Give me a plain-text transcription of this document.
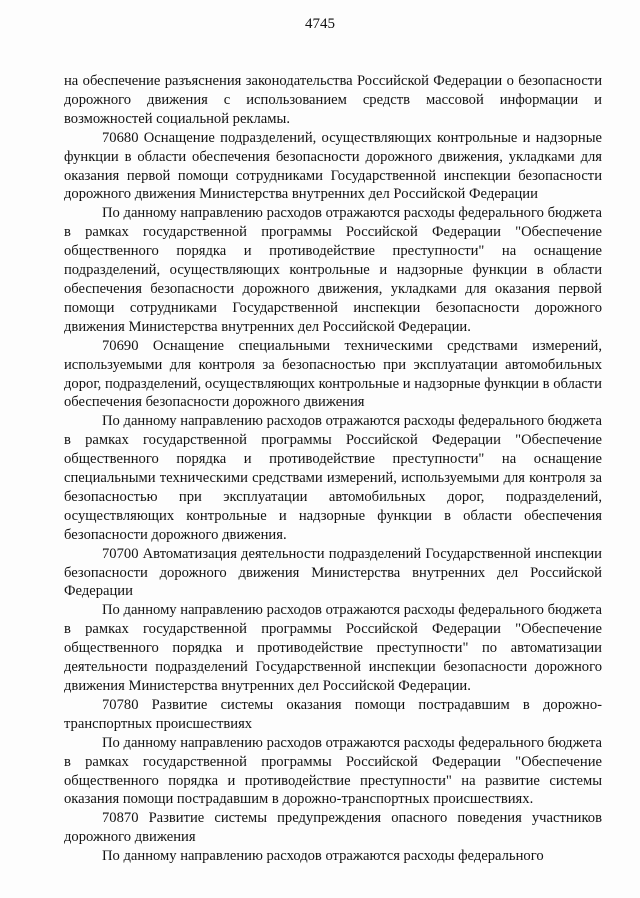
4745

на обеспечение разъяснения законодательства Российской Федерации о безопасности дорожного движения с использованием средств массовой информации и возможностей социальной рекламы.

70680 Оснащение подразделений, осуществляющих контрольные и надзорные функции в области обеспечения безопасности дорожного движения, укладками для оказания первой помощи сотрудниками Государственной инспекции безопасности дорожного движения Министерства внутренних дел Российской Федерации

По данному направлению расходов отражаются расходы федерального бюджета в рамках государственной программы Российской Федерации "Обеспечение общественного порядка и противодействие преступности" на оснащение подразделений, осуществляющих контрольные и надзорные функции в области обеспечения безопасности дорожного движения, укладками для оказания первой помощи сотрудниками Государственной инспекции безопасности дорожного движения Министерства внутренних дел Российской Федерации.

70690 Оснащение специальными техническими средствами измерений, используемыми для контроля за безопасностью при эксплуатации автомобильных дорог, подразделений, осуществляющих контрольные и надзорные функции в области обеспечения безопасности дорожного движения

По данному направлению расходов отражаются расходы федерального бюджета в рамках государственной программы Российской Федерации "Обеспечение общественного порядка и противодействие преступности" на оснащение специальными техническими средствами измерений, используемыми для контроля за безопасностью при эксплуатации автомобильных дорог, подразделений, осуществляющих контрольные и надзорные функции в области обеспечения безопасности дорожного движения.

70700 Автоматизация деятельности подразделений Государственной инспекции безопасности дорожного движения Министерства внутренних дел Российской Федерации

По данному направлению расходов отражаются расходы федерального бюджета в рамках государственной программы Российской Федерации "Обеспечение общественного порядка и противодействие преступности" по автоматизации деятельности подразделений Государственной инспекции безопасности дорожного движения Министерства внутренних дел Российской Федерации.

70780 Развитие системы оказания помощи пострадавшим в дорожно-транспортных происшествиях

По данному направлению расходов отражаются расходы федерального бюджета в рамках государственной программы Российской Федерации "Обеспечение общественного порядка и противодействие преступности" на развитие системы оказания помощи пострадавшим в дорожно-транспортных происшествиях.

70870 Развитие системы предупреждения опасного поведения участников дорожного движения

По данному направлению расходов отражаются расходы федерального
